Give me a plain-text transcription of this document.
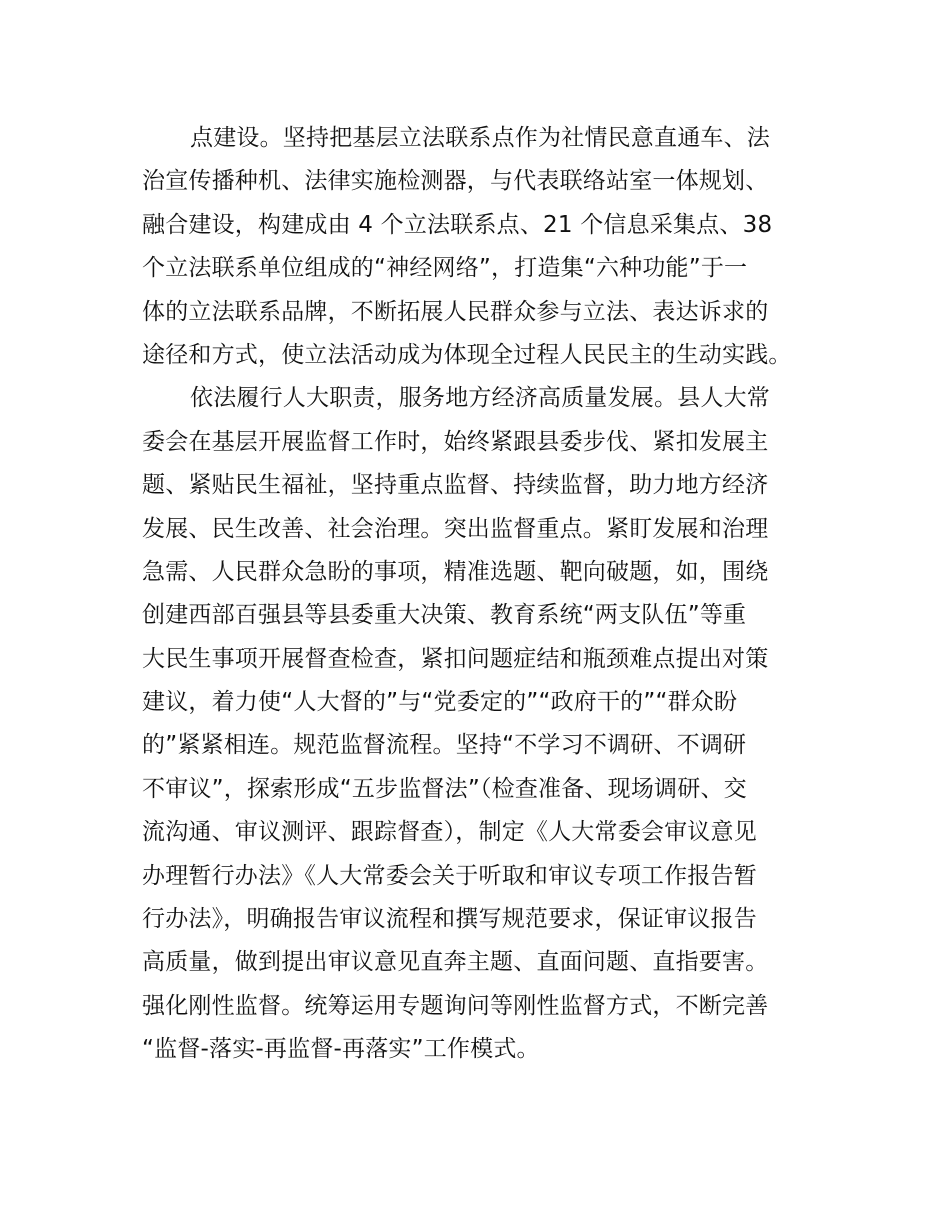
点建设。坚持把基层立法联系点作为社情民意直通车、法
治宣传播种机、法律实施检测器，与代表联络站室一体规划、
融合建设，构建成由 4 个立法联系点、21 个信息采集点、38
个立法联系单位组成的“神经网络”，打造集“六种功能”于一
体的立法联系品牌，不断拓展人民群众参与立法、表达诉求的
途径和方式，使立法活动成为体现全过程人民民主的生动实践。

依法履行人大职责，服务地方经济高质量发展。县人大常
委会在基层开展监督工作时，始终紧跟县委步伐、紧扣发展主
题、紧贴民生福祉，坚持重点监督、持续监督，助力地方经济
发展、民生改善、社会治理。突出监督重点。紧盯发展和治理
急需、人民群众急盼的事项，精准选题、靶向破题，如，围绕
创建西部百强县等县委重大决策、教育系统“两支队伍”等重
大民生事项开展督查检查，紧扣问题症结和瓶颈难点提出对策
建议，着力使“人大督的”与“党委定的”“政府干的”“群众盼
的”紧紧相连。规范监督流程。坚持“不学习不调研、不调研
不审议”，探索形成“五步监督法”（检查准备、现场调研、交
流沟通、审议测评、跟踪督查），制定《人大常委会审议意见
办理暂行办法》《人大常委会关于听取和审议专项工作报告暂
行办法》，明确报告审议流程和撰写规范要求，保证审议报告
高质量，做到提出审议意见直奔主题、直面问题、直指要害。
强化刚性监督。统筹运用专题询问等刚性监督方式，不断完善
“监督-落实-再监督-再落实”工作模式。
